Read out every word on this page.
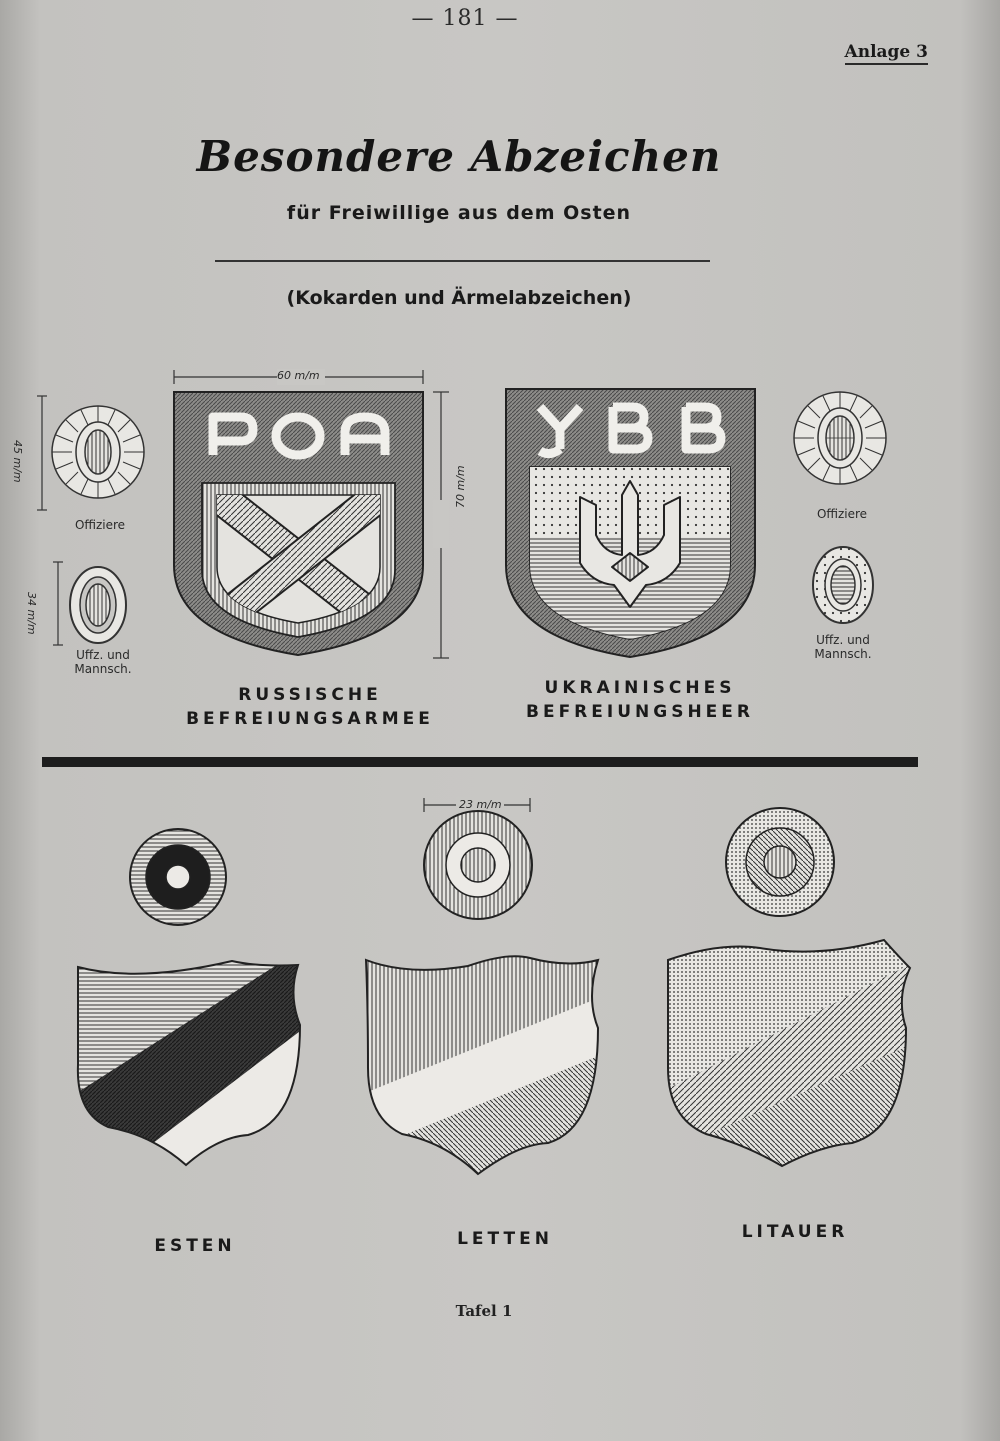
— 181 —
Anlage 3
Besondere Abzeichen
für Freiwillige aus dem Osten
(Kokarden und Ärmelabzeichen)
45 m/m
Offiziere
34 m/m
Uffz. und
Mannsch.
60 m/m
70 m/m
RUSSISCHE
BEFREIUNGSARMEE
UKRAINISCHES
BEFREIUNGSHEER
Offiziere
Uffz. und
Mannsch.
23 m/m
ESTEN	LETTEN	LITAUER
Tafel 1
